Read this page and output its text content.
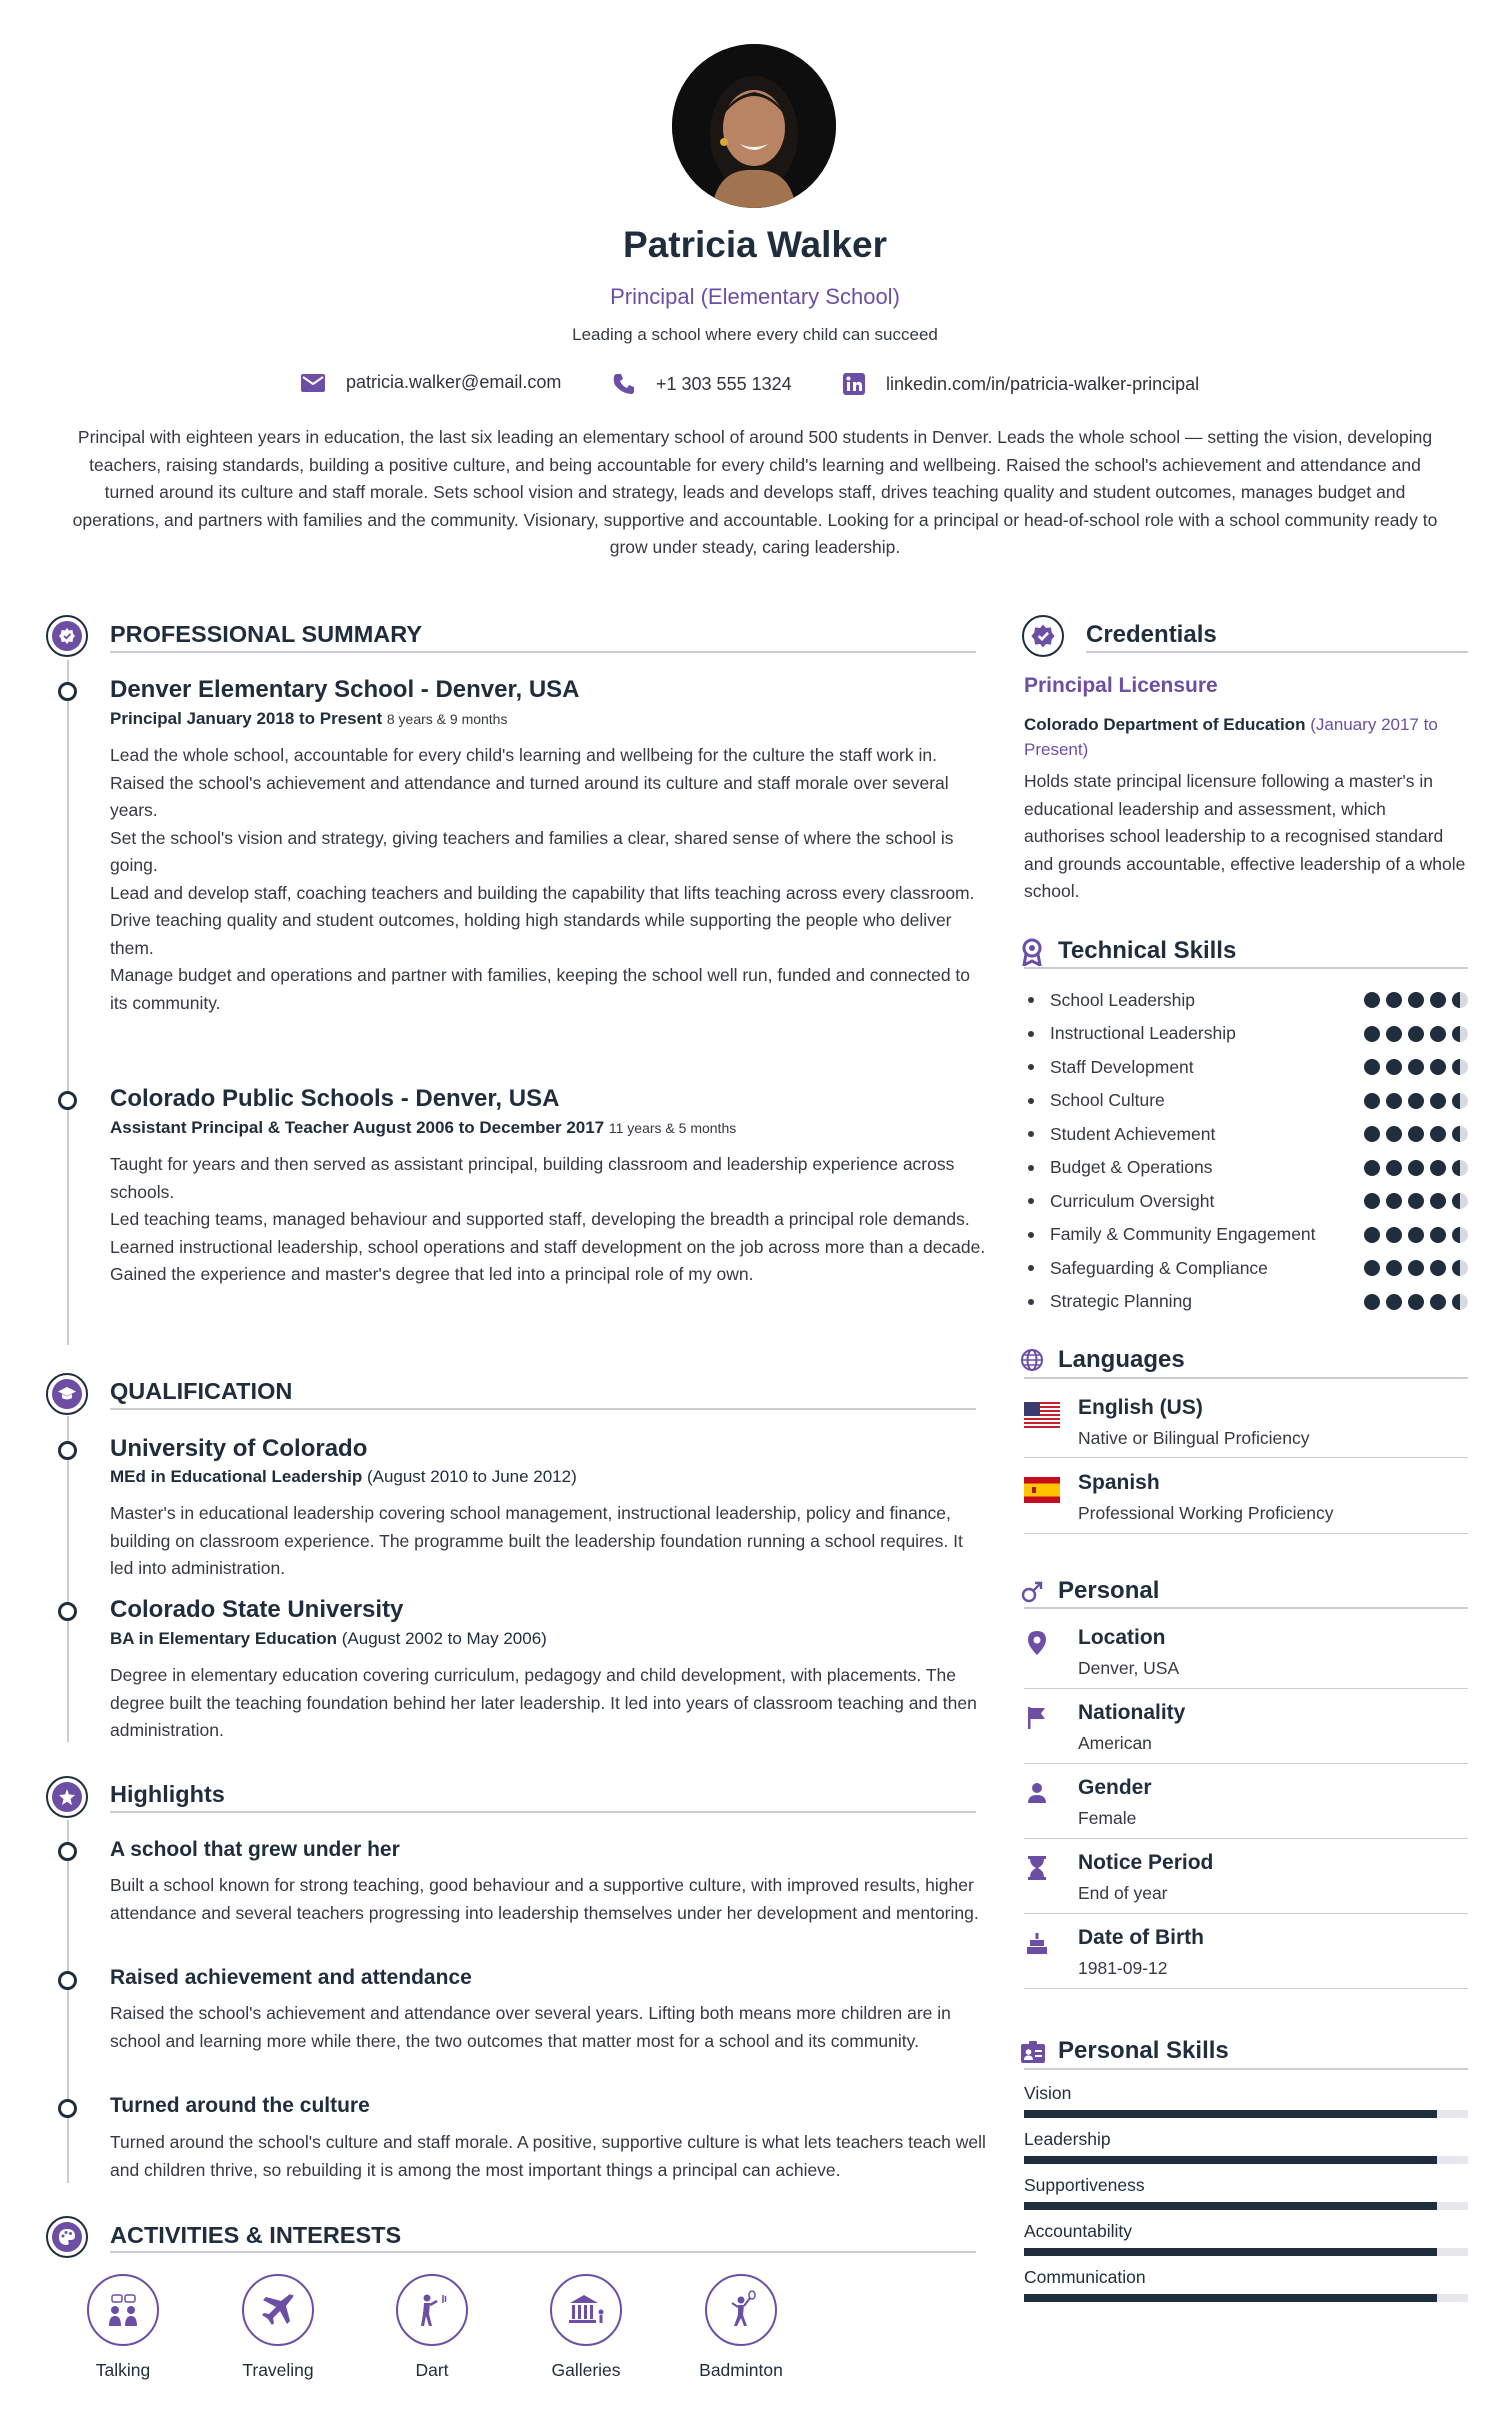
Patricia Walker
Principal (Elementary School)
Leading a school where every child can succeed
patricia.walker@email.com	+1 303 555 1324	linkedin.com/in/patricia-walker-principal
Principal with eighteen years in education, the last six leading an elementary school of around 500 students in Denver. Leads the whole school — setting the vision, developing teachers, raising standards, building a positive culture, and being accountable for every child's learning and wellbeing. Raised the school's achievement and attendance and turned around its culture and staff morale. Sets school vision and strategy, leads and develops staff, drives teaching quality and student outcomes, manages budget and operations, and partners with families and the community. Visionary, supportive and accountable. Looking for a principal or head-of-school role with a school community ready to grow under steady, caring leadership.
PROFESSIONAL SUMMARY
Denver Elementary School - Denver, USA
Principal January 2018 to Present 8 years & 9 months
Lead the whole school, accountable for every child's learning and wellbeing for the culture the staff work in.
Raised the school's achievement and attendance and turned around its culture and staff morale over several years.
Set the school's vision and strategy, giving teachers and families a clear, shared sense of where the school is going.
Lead and develop staff, coaching teachers and building the capability that lifts teaching across every classroom.
Drive teaching quality and student outcomes, holding high standards while supporting the people who deliver them.
Manage budget and operations and partner with families, keeping the school well run, funded and connected to its community.
Colorado Public Schools - Denver, USA
Assistant Principal & Teacher August 2006 to December 2017 11 years & 5 months
Taught for years and then served as assistant principal, building classroom and leadership experience across schools.
Led teaching teams, managed behaviour and supported staff, developing the breadth a principal role demands.
Learned instructional leadership, school operations and staff development on the job across more than a decade.
Gained the experience and master's degree that led into a principal role of my own.
QUALIFICATION
University of Colorado
MEd in Educational Leadership (August 2010 to June 2012)
Master's in educational leadership covering school management, instructional leadership, policy and finance, building on classroom experience. The programme built the leadership foundation running a school requires. It led into administration.
Colorado State University
BA in Elementary Education (August 2002 to May 2006)
Degree in elementary education covering curriculum, pedagogy and child development, with placements. The degree built the teaching foundation behind her later leadership. It led into years of classroom teaching and then administration.
Highlights
A school that grew under her
Built a school known for strong teaching, good behaviour and a supportive culture, with improved results, higher attendance and several teachers progressing into leadership themselves under her development and mentoring.
Raised achievement and attendance
Raised the school's achievement and attendance over several years. Lifting both means more children are in school and learning more while there, the two outcomes that matter most for a school and its community.
Turned around the culture
Turned around the school's culture and staff morale. A positive, supportive culture is what lets teachers teach well and children thrive, so rebuilding it is among the most important things a principal can achieve.
ACTIVITIES & INTERESTS
Talking	Traveling	Dart	Galleries	Badminton
Credentials
Principal Licensure
Colorado Department of Education (January 2017 to Present)
Holds state principal licensure following a master's in educational leadership and assessment, which authorises school leadership to a recognised standard and grounds accountable, effective leadership of a whole school.
Technical Skills
School Leadership
Instructional Leadership
Staff Development
School Culture
Student Achievement
Budget & Operations
Curriculum Oversight
Family & Community Engagement
Safeguarding & Compliance
Strategic Planning
Languages
English (US)
Native or Bilingual Proficiency
Spanish
Professional Working Proficiency
Personal
Location
Denver, USA
Nationality
American
Gender
Female
Notice Period
End of year
Date of Birth
1981-09-12
Personal Skills
Vision
Leadership
Supportiveness
Accountability
Communication
